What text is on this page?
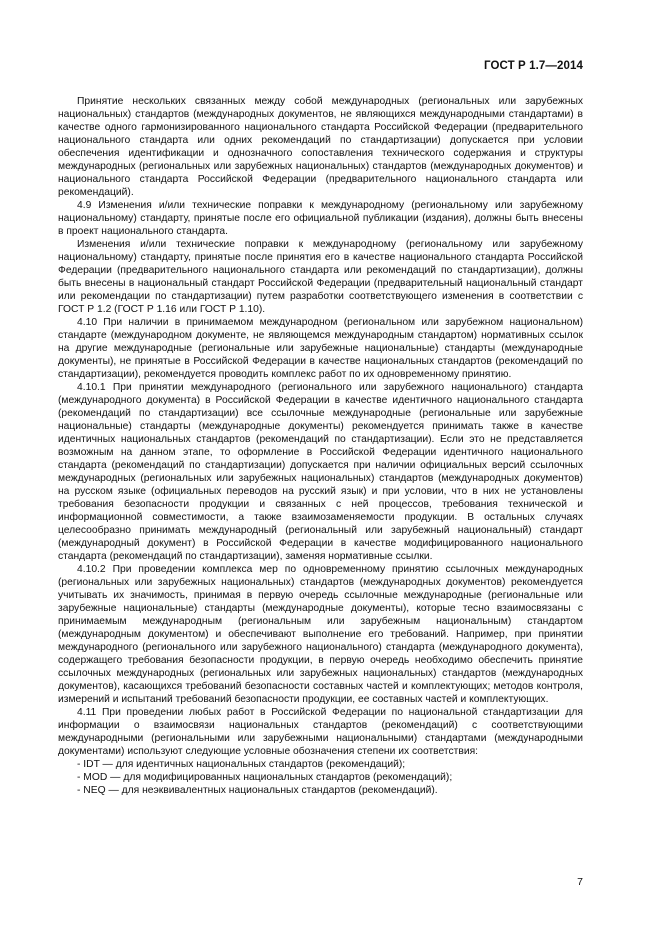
ГОСТ Р 1.7—2014

Принятие нескольких связанных между собой международных (региональных или зарубежных национальных) стандартов (международных документов, не являющихся международными стандартами) в качестве одного гармонизированного национального стандарта Российской Федерации (предварительного национального стандарта или одних рекомендаций по стандартизации) допускается при условии обеспечения идентификации и однозначного сопоставления технического содержания и структуры международных (региональных или зарубежных национальных) стандартов (международных документов) и национального стандарта Российской Федерации (предварительного национального стандарта или рекомендаций).

4.9 Изменения и/или технические поправки к международному (региональному или зарубежному национальному) стандарту, принятые после его официальной публикации (издания), должны быть внесены в проект национального стандарта.

Изменения и/или технические поправки к международному (региональному или зарубежному национальному) стандарту, принятые после принятия его в качестве национального стандарта Российской Федерации (предварительного национального стандарта или рекомендаций по стандартизации), должны быть внесены в национальный стандарт Российской Федерации (предварительный национальный стандарт или рекомендации по стандартизации) путем разработки соответствующего изменения в соответствии с ГОСТ Р 1.2 (ГОСТ Р 1.16 или ГОСТ Р 1.10).

4.10 При наличии в принимаемом международном (региональном или зарубежном национальном) стандарте (международном документе, не являющемся международным стандартом) нормативных ссылок на другие международные (региональные или зарубежные национальные) стандарты (международные документы), не принятые в Российской Федерации в качестве национальных стандартов (рекомендаций по стандартизации), рекомендуется проводить комплекс работ по их одновременному принятию.

4.10.1 При принятии международного (регионального или зарубежного национального) стандарта (международного документа) в Российской Федерации в качестве идентичного национального стандарта (рекомендаций по стандартизации) все ссылочные международные (региональные или зарубежные национальные) стандарты (международные документы) рекомендуется принимать также в качестве идентичных национальных стандартов (рекомендаций по стандартизации). Если это не представляется возможным на данном этапе, то оформление в Российской Федерации идентичного национального стандарта (рекомендаций по стандартизации) допускается при наличии официальных версий ссылочных международных (региональных или зарубежных национальных) стандартов (международных документов) на русском языке (официальных переводов на русский язык) и при условии, что в них не установлены требования безопасности продукции и связанных с ней процессов, требования технической и информационной совместимости, а также взаимозаменяемости продукции. В остальных случаях целесообразно принимать международный (региональный или зарубежный национальный) стандарт (международный документ) в Российской Федерации в качестве модифицированного национального стандарта (рекомендаций по стандартизации), заменяя нормативные ссылки.

4.10.2 При проведении комплекса мер по одновременному принятию ссылочных международных (региональных или зарубежных национальных) стандартов (международных документов) рекомендуется учитывать их значимость, принимая в первую очередь ссылочные международные (региональные или зарубежные национальные) стандарты (международные документы), которые тесно взаимосвязаны с принимаемым международным (региональным или зарубежным национальным) стандартом (международным документом) и обеспечивают выполнение его требований. Например, при принятии международного (регионального или зарубежного национального) стандарта (международного документа), содержащего требования безопасности продукции, в первую очередь необходимо обеспечить принятие ссылочных международных (региональных или зарубежных национальных) стандартов (международных документов), касающихся требований безопасности составных частей и комплектующих; методов контроля, измерений и испытаний требований безопасности продукции, ее составных частей и комплектующих.

4.11 При проведении любых работ в Российской Федерации по национальной стандартизации для информации о взаимосвязи национальных стандартов (рекомендаций) с соответствующими международными (региональными или зарубежными национальными) стандартами (международными документами) используют следующие условные обозначения степени их соответствия:

- IDT — для идентичных национальных стандартов (рекомендаций);
- MOD — для модифицированных национальных стандартов (рекомендаций);
- NEQ — для неэквивалентных национальных стандартов (рекомендаций).
7
